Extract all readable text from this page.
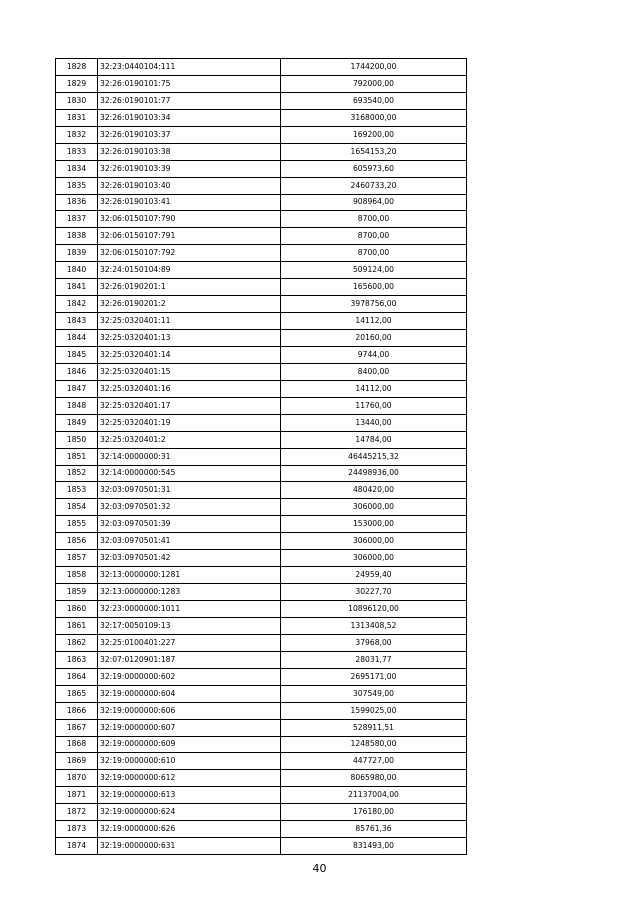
1828	32:23:0440104:111	1744200,00
1829	32:26:0190101:75	792000,00
1830	32:26:0190101:77	693540,00
1831	32:26:0190103:34	3168000,00
1832	32:26:0190103:37	169200,00
1833	32:26:0190103:38	1654153,20
1834	32:26:0190103:39	605973,60
1835	32:26:0190103:40	2460733,20
1836	32:26:0190103:41	908964,00
1837	32:06:0150107:790	8700,00
1838	32:06:0150107:791	8700,00
1839	32:06:0150107:792	8700,00
1840	32:24:0150104:89	509124,00
1841	32:26:0190201:1	165600,00
1842	32:26:0190201:2	3978756,00
1843	32:25:0320401:11	14112,00
1844	32:25:0320401:13	20160,00
1845	32:25:0320401:14	9744,00
1846	32:25:0320401:15	8400,00
1847	32:25:0320401:16	14112,00
1848	32:25:0320401:17	11760,00
1849	32:25:0320401:19	13440,00
1850	32:25:0320401:2	14784,00
1851	32:14:0000000:31	46445215,32
1852	32:14:0000000:545	24498936,00
1853	32:03:0970501:31	480420,00
1854	32:03:0970501:32	306000,00
1855	32:03:0970501:39	153000,00
1856	32:03:0970501:41	306000,00
1857	32:03:0970501:42	306000,00
1858	32:13:0000000:1281	24959,40
1859	32:13:0000000:1283	30227,70
1860	32:23:0000000:1011	10896120,00
1861	32:17:0050109:13	1313408,52
1862	32:25:0100401:227	37968,00
1863	32:07:0120901:187	28031,77
1864	32:19:0000000:602	2695171,00
1865	32:19:0000000:604	307549,00
1866	32:19:0000000:606	1599025,00
1867	32:19:0000000:607	528911,51
1868	32:19:0000000:609	1248580,00
1869	32:19:0000000:610	447727,00
1870	32:19:0000000:612	8065980,00
1871	32:19:0000000:613	21137004,00
1872	32:19:0000000:624	176180,00
1873	32:19:0000000:626	85761,36
1874	32:19:0000000:631	831493,00
40
